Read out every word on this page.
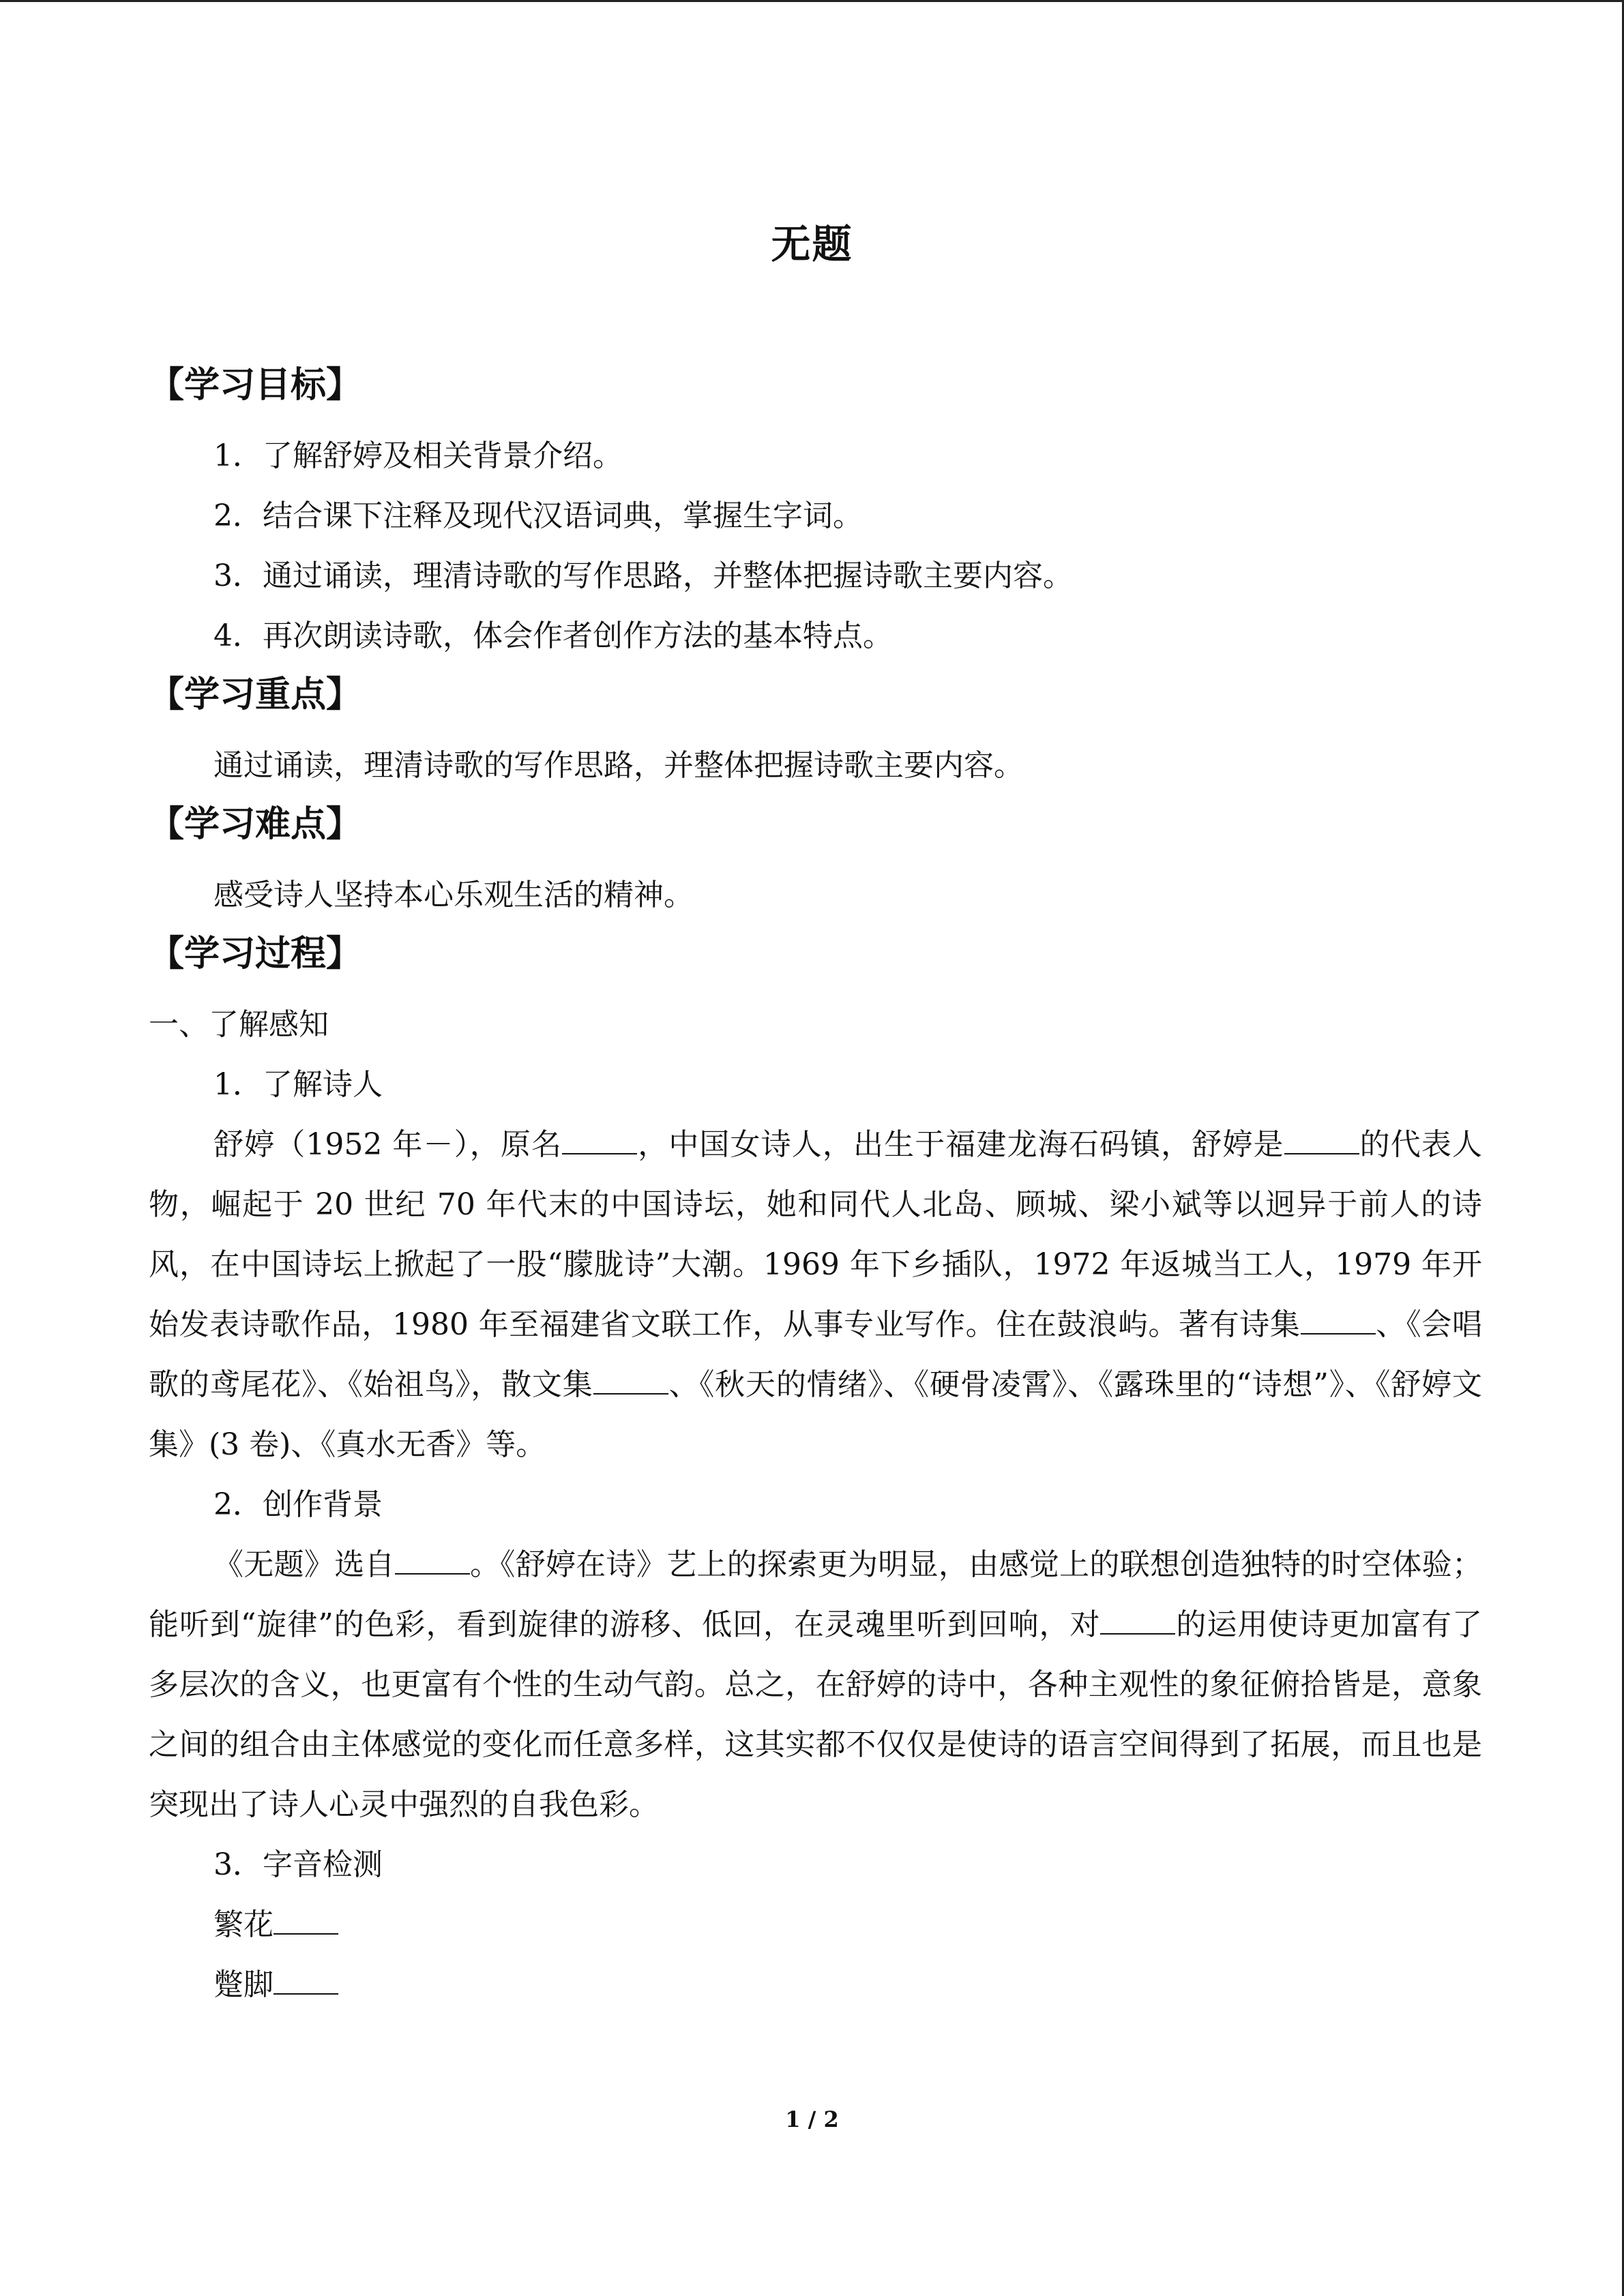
无题
【学习目标】
1．了解舒婷及相关背景介绍。
2．结合课下注释及现代汉语词典，掌握生字词。
3．通过诵读，理清诗歌的写作思路，并整体把握诗歌主要内容。
4．再次朗读诗歌，体会作者创作方法的基本特点。
【学习重点】
通过诵读，理清诗歌的写作思路，并整体把握诗歌主要内容。
【学习难点】
感受诗人坚持本心乐观生活的精神。
【学习过程】
一、了解感知
1．了解诗人
舒婷（1952 年－），原名	，中国女诗人，出生于福建龙海石码镇，舒婷是	的代表人物，崛起于 20 世纪 70 年代末的中国诗坛，她和同代人北岛、顾城、梁小斌等以迥异于前人的诗风，在中国诗坛上掀起了一股“朦胧诗”大潮。1969 年下乡插队，1972 年返城当工人，1979 年开始发表诗歌作品，1980 年至福建省文联工作，从事专业写作。住在鼓浪屿。著有诗集	、《会唱歌的鸢尾花》、《始祖鸟》，散文集	、《秋天的情绪》、《硬骨凌霄》、《露珠里的“诗想”》、《舒婷文集》(3 卷)、《真水无香》等。
2．创作背景
《无题》选自	。《舒婷在诗》艺上的探索更为明显，由感觉上的联想创造独特的时空体验；能听到“旋律”的色彩，看到旋律的游移、低回，在灵魂里听到回响，对	的运用使诗更加富有了多层次的含义，也更富有个性的生动气韵。总之，在舒婷的诗中，各种主观性的象征俯拾皆是，意象之间的组合由主体感觉的变化而任意多样，这其实都不仅仅是使诗的语言空间得到了拓展，而且也是突现出了诗人心灵中强烈的自我色彩。
3．字音检测
繁花
蹩脚
1 / 2
